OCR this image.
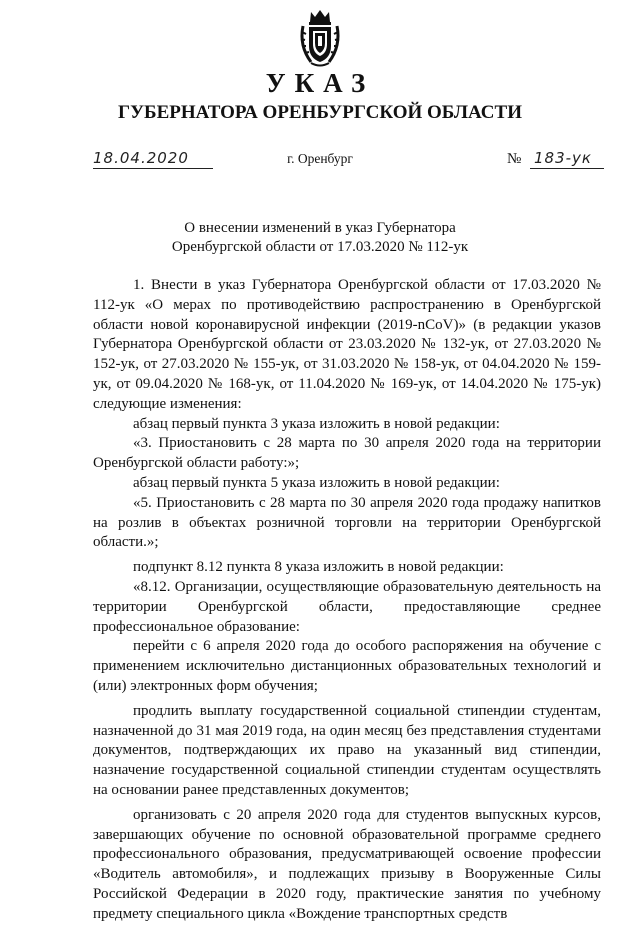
УКАЗ
ГУБЕРНАТОРА ОРЕНБУРГСКОЙ ОБЛАСТИ
18.04.2020	г. Оренбург	№ 183-ук
О внесении изменений в указ Губернатора
Оренбургской области от 17.03.2020 № 112-ук

1. Внести в указ Губернатора Оренбургской области от 17.03.2020 № 112-ук «О мерах по противодействию распространению в Оренбургской области новой коронавирусной инфекции (2019-nCoV)» (в редакции указов Губернатора Оренбургской области от 23.03.2020 № 132-ук, от 27.03.2020 № 152-ук, от 27.03.2020 № 155-ук, от 31.03.2020 № 158-ук, от 04.04.2020 № 159-ук, от 09.04.2020 № 168-ук, от 11.04.2020 № 169-ук, от 14.04.2020 № 175-ук) следующие изменения:

абзац первый пункта 3 указа изложить в новой редакции:

«3. Приостановить с 28 марта по 30 апреля 2020 года на территории Оренбургской области работу:»;

абзац первый пункта 5 указа изложить в новой редакции:

«5. Приостановить с 28 марта по 30 апреля 2020 года продажу напитков на розлив в объектах розничной торговли на территории Оренбургской области.»;

подпункт 8.12 пункта 8 указа изложить в новой редакции:

«8.12. Организации, осуществляющие образовательную деятельность на территории Оренбургской области, предоставляющие среднее профессиональное образование:

перейти с 6 апреля 2020 года до особого распоряжения на обучение с применением исключительно дистанционных образовательных технологий и (или) электронных форм обучения;

продлить выплату государственной социальной стипендии студентам, назначенной до 31 мая 2019 года, на один месяц без представления студентами документов, подтверждающих их право на указанный вид стипендии, назначение государственной социальной стипендии студентам осуществлять на основании ранее представленных документов;

организовать с 20 апреля 2020 года для студентов выпускных курсов, завершающих обучение по основной образовательной программе среднего профессионального образования, предусматривающей освоение профессии «Водитель автомобиля», и подлежащих призыву в Вооруженные Силы Российской Федерации в 2020 году, практические занятия по учебному предмету специального цикла «Вождение транспортных средств
